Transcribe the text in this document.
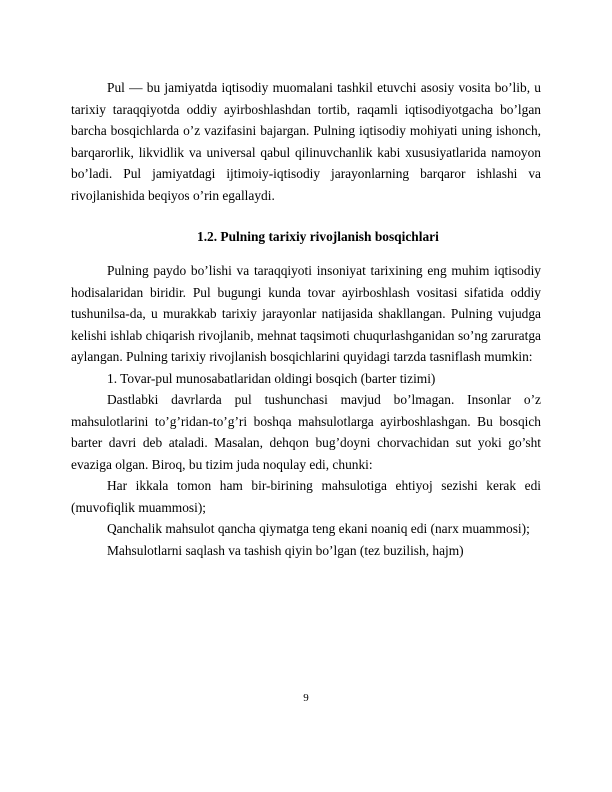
Pul — bu jamiyatda iqtisodiy muomalani tashkil etuvchi asosiy vosita bo’lib, u tarixiy taraqqiyotda oddiy ayirboshlashdan tortib, raqamli iqtisodiyotgacha bo’lgan barcha bosqichlarda o’z vazifasini bajargan. Pulning iqtisodiy mohiyati uning ishonch, barqarorlik, likvidlik va universal qabul qilinuvchanlik kabi xususiyatlarida namoyon bo’ladi. Pul jamiyatdagi ijtimoiy-iqtisodiy jarayonlarning barqaror ishlashi va rivojlanishida beqiyos o’rin egallaydi.

1.2. Pulning tarixiy rivojlanish bosqichlari

Pulning paydo bo’lishi va taraqqiyoti insoniyat tarixining eng muhim iqtisodiy hodisalaridan biridir. Pul bugungi kunda tovar ayirboshlash vositasi sifatida oddiy tushunilsa-da, u murakkab tarixiy jarayonlar natijasida shakllangan. Pulning vujudga kelishi ishlab chiqarish rivojlanib, mehnat taqsimoti chuqurlashganidan so’ng zaruratga aylangan. Pulning tarixiy rivojlanish bosqichlarini quyidagi tarzda tasniflash mumkin:

1. Tovar-pul munosabatlaridan oldingi bosqich (barter tizimi)

Dastlabki davrlarda pul tushunchasi mavjud bo’lmagan. Insonlar o’z mahsulotlarini to’g’ridan-to’g’ri boshqa mahsulotlarga ayirboshlashgan. Bu bosqich barter davri deb ataladi. Masalan, dehqon bug’doyni chorvachidan sut yoki go’sht evaziga olgan. Biroq, bu tizim juda noqulay edi, chunki:

Har ikkala tomon ham bir-birining mahsulotiga ehtiyoj sezishi kerak edi (muvofiqlik muammosi);

Qanchalik mahsulot qancha qiymatga teng ekani noaniq edi (narx muammosi);

Mahsulotlarni saqlash va tashish qiyin bo’lgan (tez buzilish, hajm)

9
